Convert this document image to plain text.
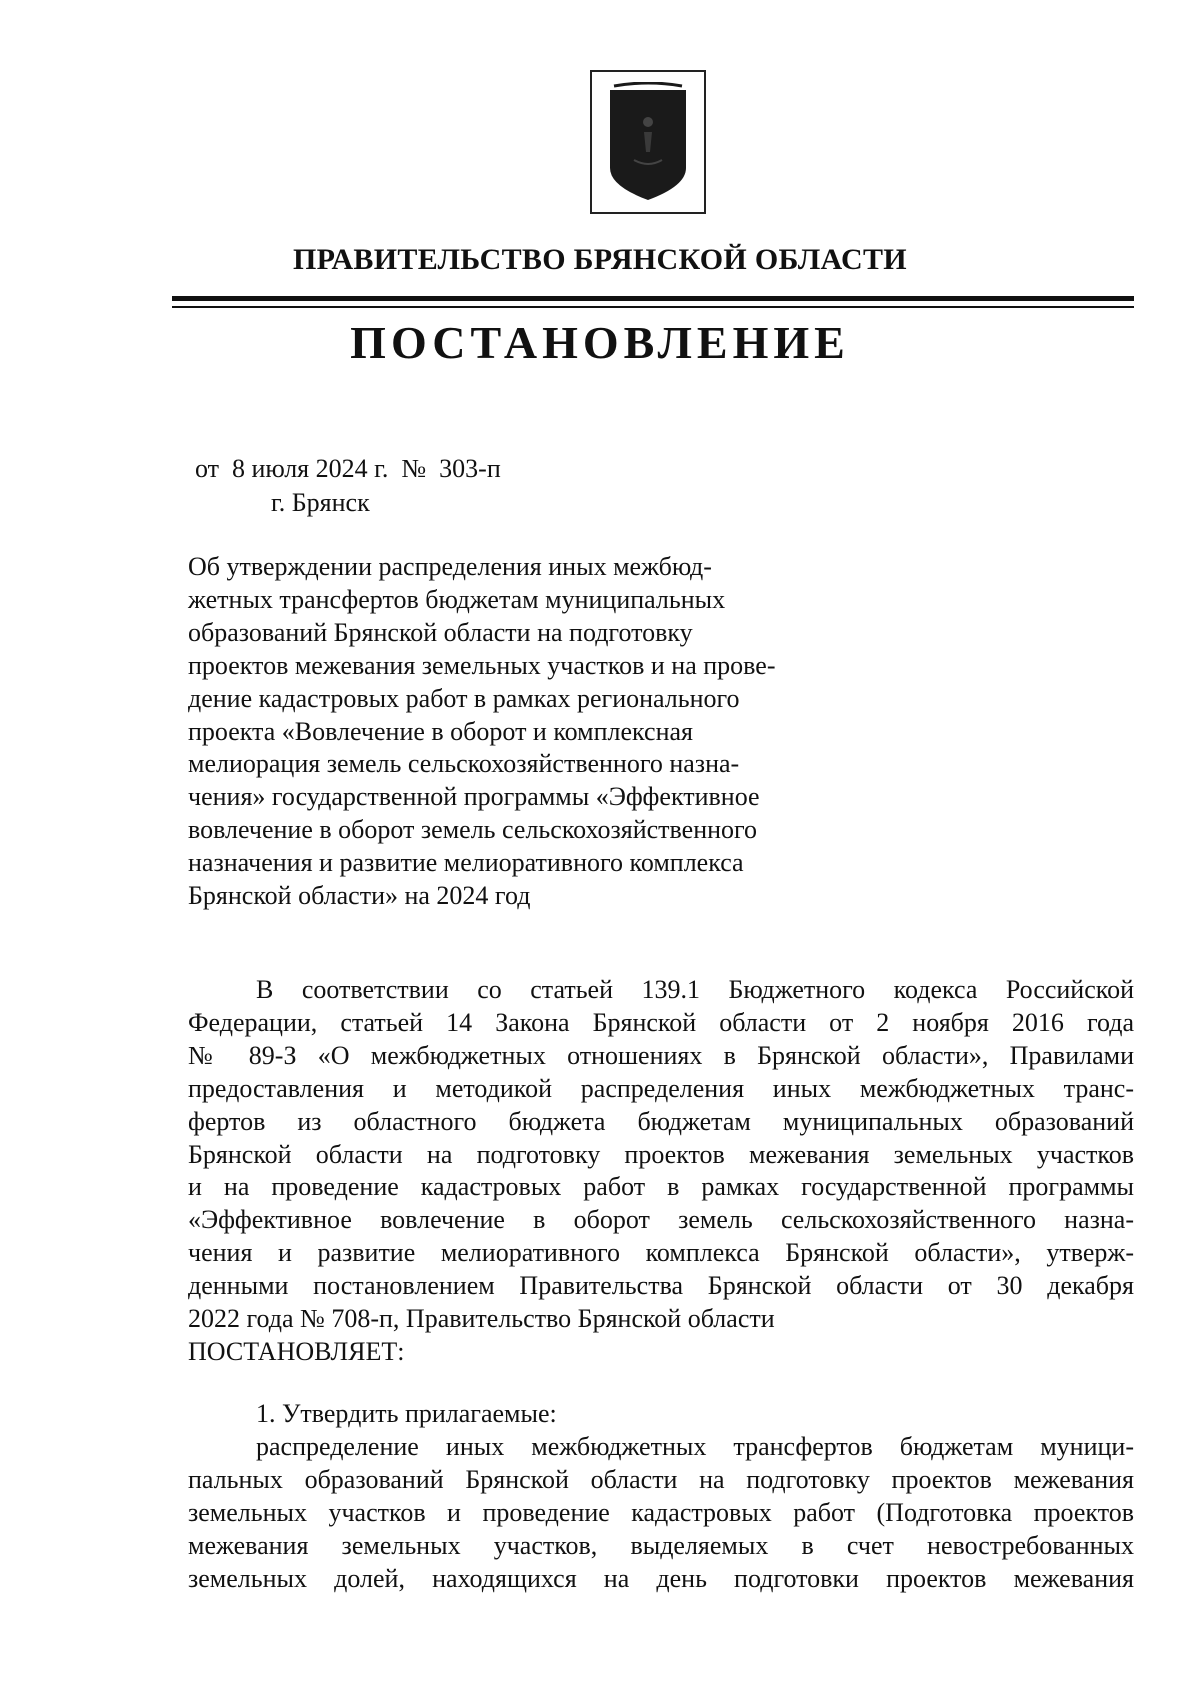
ПРАВИТЕЛЬСТВО БРЯНСКОЙ ОБЛАСТИ
ПОСТАНОВЛЕНИЕ
от  8 июля 2024 г.  №  303-п
г. Брянск
Об утверждении распределения иных межбюд-
жетных трансфертов бюджетам муниципальных
образований Брянской области на подготовку
проектов межевания земельных участков и на прове-
дение кадастровых работ в рамках регионального
проекта «Вовлечение в оборот и комплексная
мелиорация земель сельскохозяйственного назна-
чения» государственной программы «Эффективное
вовлечение в оборот земель сельскохозяйственного
назначения и развитие мелиоративного комплекса
Брянской области» на 2024 год
В соответствии со статьей 139.1 Бюджетного кодекса Российской
Федерации, статьей 14 Закона Брянской области от 2 ноября 2016 года
№ 89-З «О межбюджетных отношениях в Брянской области», Правилами
предоставления и методикой распределения иных межбюджетных транс-
фертов из областного бюджета бюджетам муниципальных образований
Брянской области на подготовку проектов межевания земельных участков
и на проведение кадастровых работ в рамках государственной программы
«Эффективное вовлечение в оборот земель сельскохозяйственного назна-
чения и развитие мелиоративного комплекса Брянской области», утверж-
денными постановлением Правительства Брянской области от 30 декабря
2022 года № 708-п, Правительство Брянской области
ПОСТАНОВЛЯЕТ:
1. Утвердить прилагаемые:
распределение иных межбюджетных трансфертов бюджетам муници-
пальных образований Брянской области на подготовку проектов межевания
земельных участков и проведение кадастровых работ (Подготовка проектов
межевания земельных участков, выделяемых в счет невостребованных
земельных долей, находящихся на день подготовки проектов межевания
